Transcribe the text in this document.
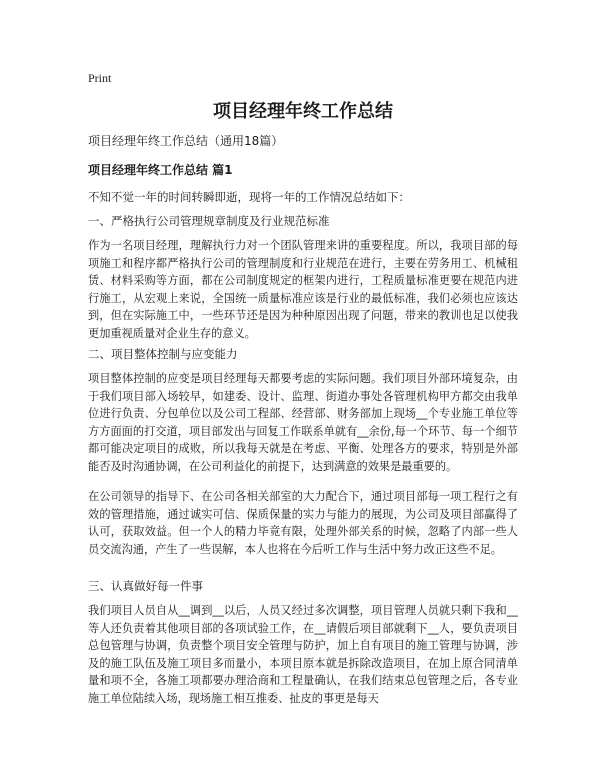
Print
项目经理年终工作总结
项目经理年终工作总结（通用18篇）
项目经理年终工作总结 篇1
不知不觉一年的时间转瞬即逝，现将一年的工作情况总结如下：
一、严格执行公司管理规章制度及行业规范标准

作为一名项目经理，理解执行力对一个团队管理来讲的重要程度。所以，我项目部的每项施工和程序都严格执行公司的管理制度和行业规范在进行，主要在劳务用工、机械租赁、材料采购等方面，都在公司制度规定的框架内进行，工程质量标准更要在规范内进行施工，从宏观上来说，全国统一质量标准应该是行业的最低标准，我们必须也应该达到，但在实际施工中，一些环节还是因为种种原因出现了问题，带来的教训也足以使我更加重视质量对企业生存的意义。

二、项目整体控制与应变能力

项目整体控制的应变是项目经理每天都要考虑的实际问题。我们项目外部环境复杂，由于我们项目部入场较早，如建委、设计、监理、街道办事处各管理机构甲方都交由我单位进行负责、分包单位以及公司工程部、经营部、财务部加上现场__个专业施工单位等方方面面的打交道，项目部发出与回复工作联系单就有__余份,每一个环节、每一个细节都可能决定项目的成败，所以我每天就是在考虑、平衡、处理各方的要求，特别是外部能否及时沟通协调，在公司利益化的前提下，达到满意的效果是最重要的。

在公司领导的指导下、在公司各相关部室的大力配合下，通过项目部每一项工程行之有效的管理措施，通过诚实可信、保质保量的实力与能力的展现，为公司及项目部赢得了认可，获取效益。但一个人的精力毕竟有限，处理外部关系的时候，忽略了内部一些人员交流沟通，产生了一些误解，本人也将在今后听工作与生活中努力改正这些不足。

三、认真做好每一件事

我们项目人员自从__调到__以后，人员又经过多次调整，项目管理人员就只剩下我和__等人还负责着其他项目部的各项试验工作，在__请假后项目部就剩下__人，要负责项目总包管理与协调，负责整个项目安全管理与防护，加上自有项目的施工管理与协调，涉及的施工队伍及施工项目多而量小，本项目原本就是拆除改造项目，在加上原合同清单量和项不全，各施工项都要办理洽商和工程量确认，在我们结束总包管理之后，各专业施工单位陆续入场，现场施工相互推委、扯皮的事更是每天
